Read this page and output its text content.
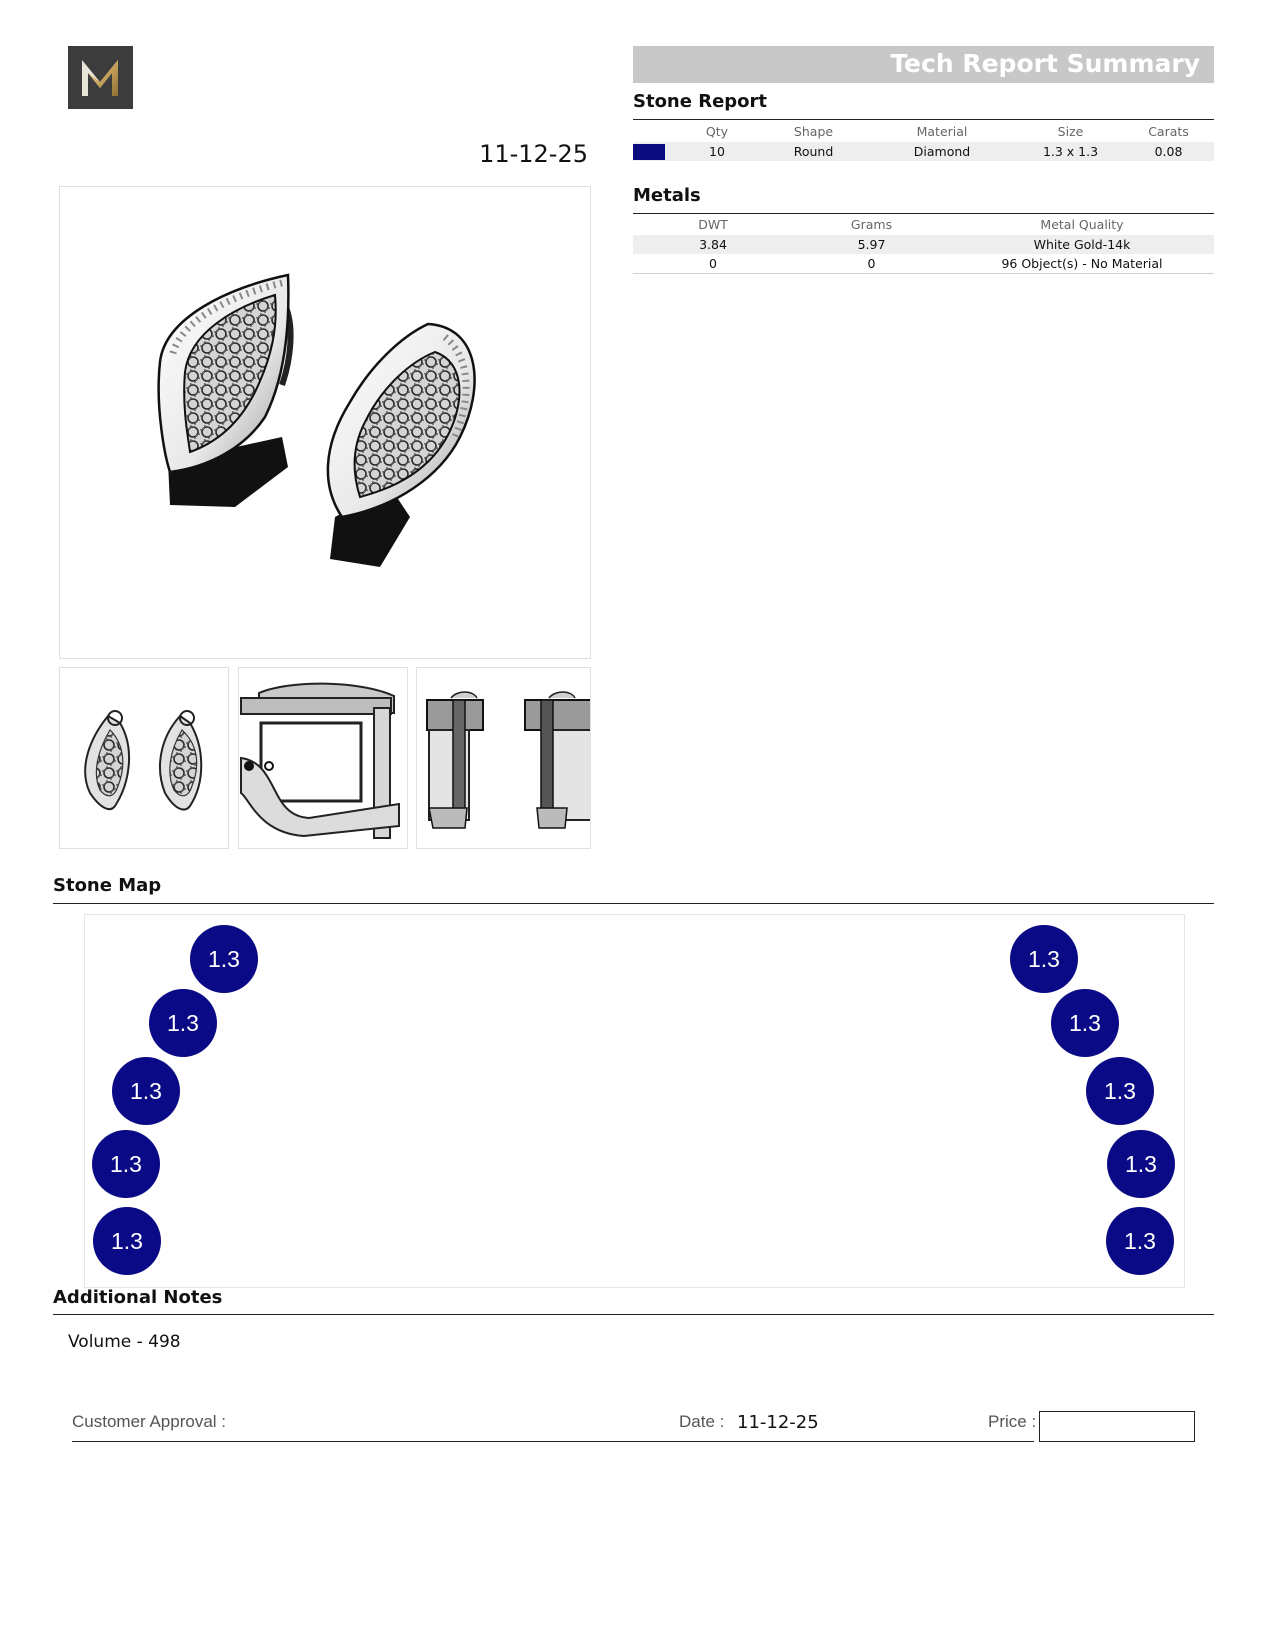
11-12-25
Tech Report Summary
Stone Report
	Qty	Shape	Material	Size	Carats
	10	Round	Diamond	1.3 x 1.3	0.08
Metals
DWT	Grams	Metal Quality
3.84	5.97	White Gold-14k
0	0	96 Object(s) - No Material
Stone Map
1.3
1.3
1.3
1.3
1.3
1.3
1.3
1.3
1.3
1.3
Additional Notes
Volume - 498
Customer Approval :	Date : 11-12-25	Price :
